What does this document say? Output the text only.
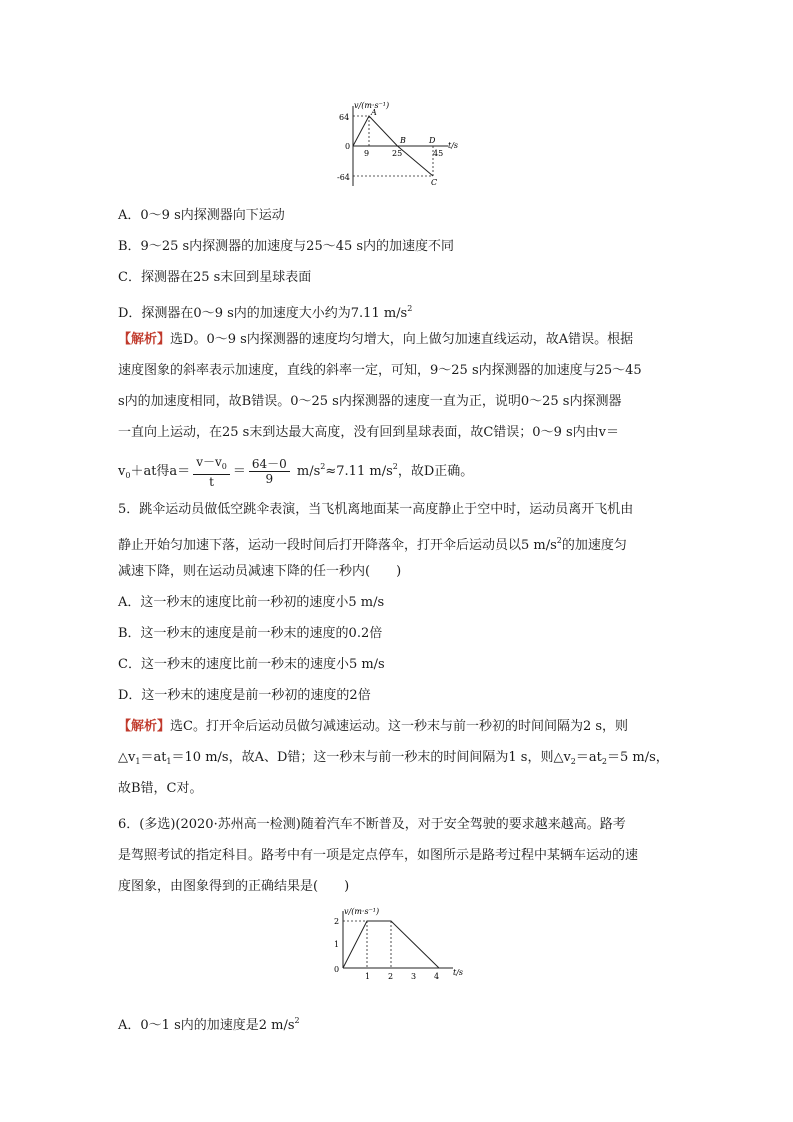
v/(m·s⁻¹)
t/s
64
0
-64
9	25	45
A
B
C
D
A．0～9 s内探测器向下运动
B．9～25 s内探测器的加速度与25～45 s内的加速度不同
C．探测器在25 s末回到星球表面
D．探测器在0～9 s内的加速度大小约为7.11 $m/s^2$
【解析】选D。0～9 s内探测器的速度均匀增大，向上做匀加速直线运动，故A错误。根据
速度图象的斜率表示加速度，直线的斜率一定，可知，9～25 s内探测器的加速度与25～45
s内的加速度相同，故B错误。0～25 s内探测器的速度一直为正，说明0～25 s内探测器
一直向上运动，在25 s末到达最大高度，没有回到星球表面，故C错误；0～9 s内由v＝
$v_0+at$得$a= \frac{v-v_0}{t} = \frac{64-0}{9} m/s^2\approx 7.11$ $m/s^2$，故D正确。
5．跳伞运动员做低空跳伞表演，当飞机离地面某一高度静止于空中时，运动员离开飞机由
静止开始匀加速下落，运动一段时间后打开降落伞，打开伞后运动员以5 $m/s^2$的加速度匀
减速下降，则在运动员减速下降的任一秒内(　　)
A．这一秒末的速度比前一秒初的速度小5 m/s
B．这一秒末的速度是前一秒末的速度的0.2倍
C．这一秒末的速度比前一秒末的速度小5 m/s
D．这一秒末的速度是前一秒初的速度的2倍
【解析】选C。打开伞后运动员做匀减速运动。这一秒末与前一秒初的时间间隔为2 s，则
$\triangle v_1=at_1=10$ m/s，故A、D错；这一秒末与前一秒末的时间间隔为1 s，则$\triangle v_2=at_2=5$ m/s，
故B错，C对。
6．(多选)(2020·苏州高一检测)随着汽车不断普及，对于安全驾驶的要求越来越高。路考
是驾照考试的指定科目。路考中有一项是定点停车，如图所示是路考过程中某辆车运动的速
度图象，由图象得到的正确结果是(　　)
v/(m·s⁻¹)
t/s
2
1
0
1 2 3 4
A．0～1 s内的加速度是2 $m/s^2$
